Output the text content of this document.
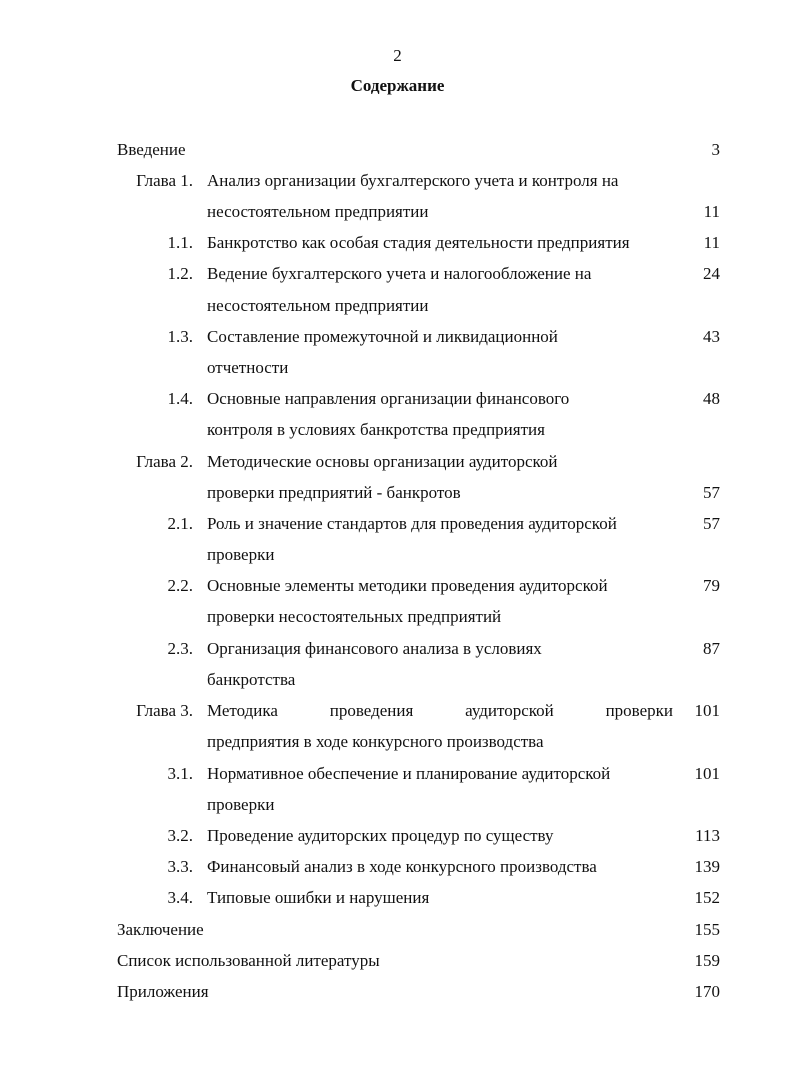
2
Содержание
Введение	3
Глава 1. Анализ организации бухгалтерского учета и контроля на
несостоятельном предприятии	11
1.1. Банкротство как особая стадия деятельности предприятия	11
1.2. Ведение бухгалтерского учета и налогообложение на	24
несостоятельном предприятии
1.3. Составление промежуточной и ликвидационной	43
отчетности
1.4. Основные направления организации финансового	48
контроля в условиях банкротства предприятия
Глава 2. Методические основы организации аудиторской
проверки предприятий - банкротов	57
2.1. Роль и значение стандартов для проведения аудиторской	57
проверки
2.2. Основные элементы методики проведения аудиторской	79
проверки несостоятельных предприятий
2.3. Организация финансового анализа в условиях	87
банкротства
Глава 3. Методика	проведения	аудиторской	проверки	101
предприятия в ходе конкурсного производства
3.1. Нормативное обеспечение и планирование аудиторской	101
проверки
3.2. Проведение аудиторских процедур по существу	113
3.3. Финансовый анализ в ходе конкурсного производства	139
3.4. Типовые ошибки и нарушения	152
Заключение	155
Список использованной литературы	159
Приложения	170
